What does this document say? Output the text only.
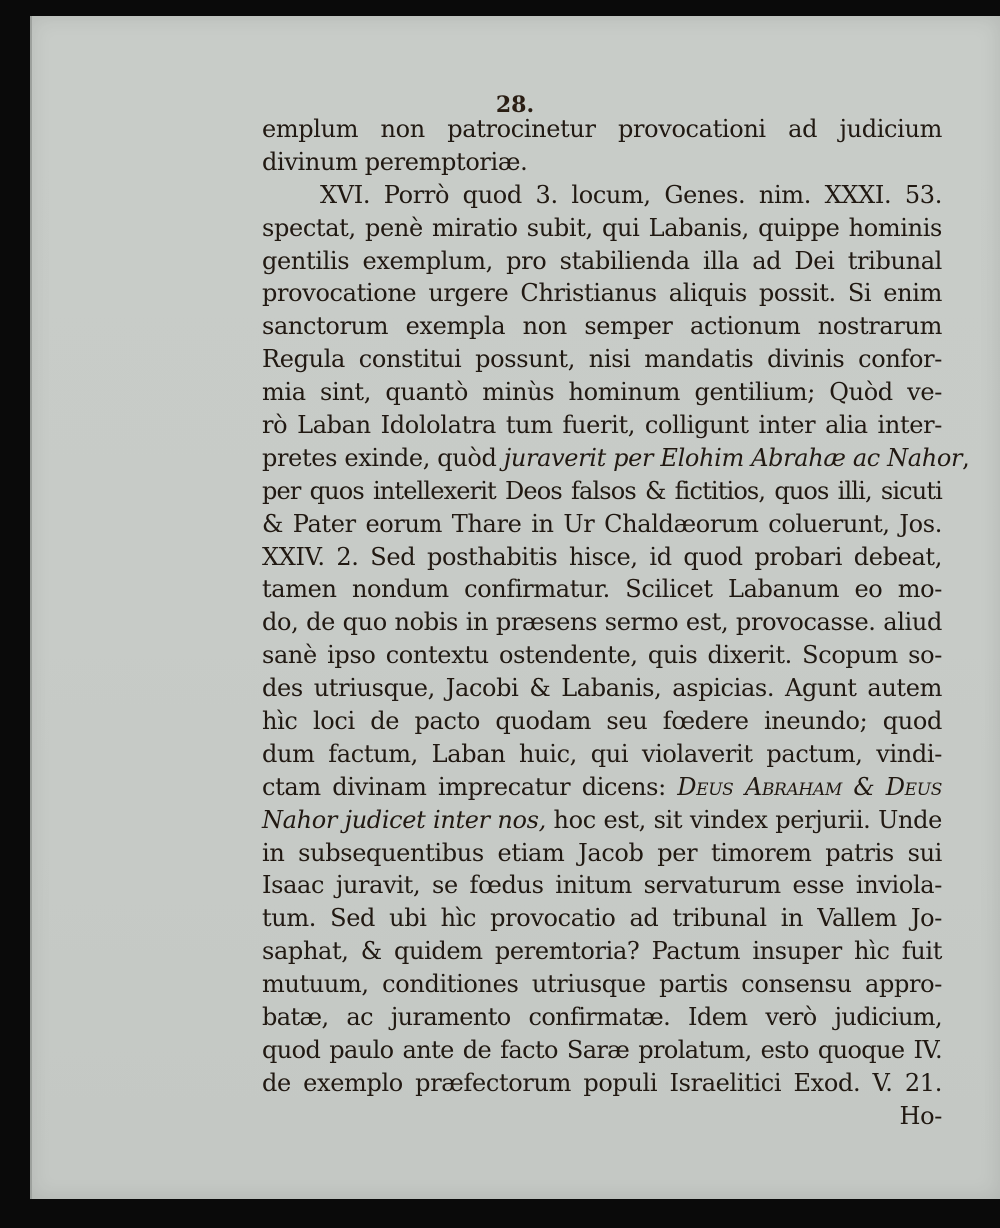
28.
emplum non patrocinetur provocationi ad judicium
divinum peremptoriæ.
XVI. Porrò quod 3. locum, Genes. nim. XXXI. 53.
spectat, penè miratio subit, qui Labanis, quippe hominis
gentilis exemplum, pro stabilienda illa ad Dei tribunal
provocatione urgere Christianus aliquis possit. Si enim
sanctorum exempla non semper actionum nostrarum
Regula constitui possunt, nisi mandatis divinis confor-
mia sint, quantò minùs hominum gentilium; Quòd ve-
rò Laban Idololatra tum fuerit, colligunt inter alia inter-
pretes exinde, quòd juraverit per Elohim Abrahæ ac Nahor,
per quos intellexerit Deos falsos & fictitios, quos illi, sicuti
& Pater eorum Thare in Ur Chaldæorum coluerunt, Jos.
XXIV. 2. Sed posthabitis hisce, id quod probari debeat,
tamen nondum confirmatur. Scilicet Labanum eo mo-
do, de quo nobis in præsens sermo est, provocasse. aliud
sanè ipso contextu ostendente, quis dixerit. Scopum so-
des utriusque, Jacobi & Labanis, aspicias. Agunt autem
hìc loci de pacto quodam seu fœdere ineundo; quod
dum factum, Laban huic, qui violaverit pactum, vindi-
ctam divinam imprecatur dicens: Deus Abraham & Deus
Nahor judicet inter nos, hoc est, sit vindex perjurii. Unde
in subsequentibus etiam Jacob per timorem patris sui
Isaac juravit, se fœdus initum servaturum esse inviola-
tum. Sed ubi hìc provocatio ad tribunal in Vallem Jo-
saphat, & quidem peremtoria? Pactum insuper hìc fuit
mutuum, conditiones utriusque partis consensu appro-
batæ, ac juramento confirmatæ. Idem verò judicium,
quod paulo ante de facto Saræ prolatum, esto quoque IV.
de exemplo præfectorum populi Israelitici Exod. V. 21.
Ho-
